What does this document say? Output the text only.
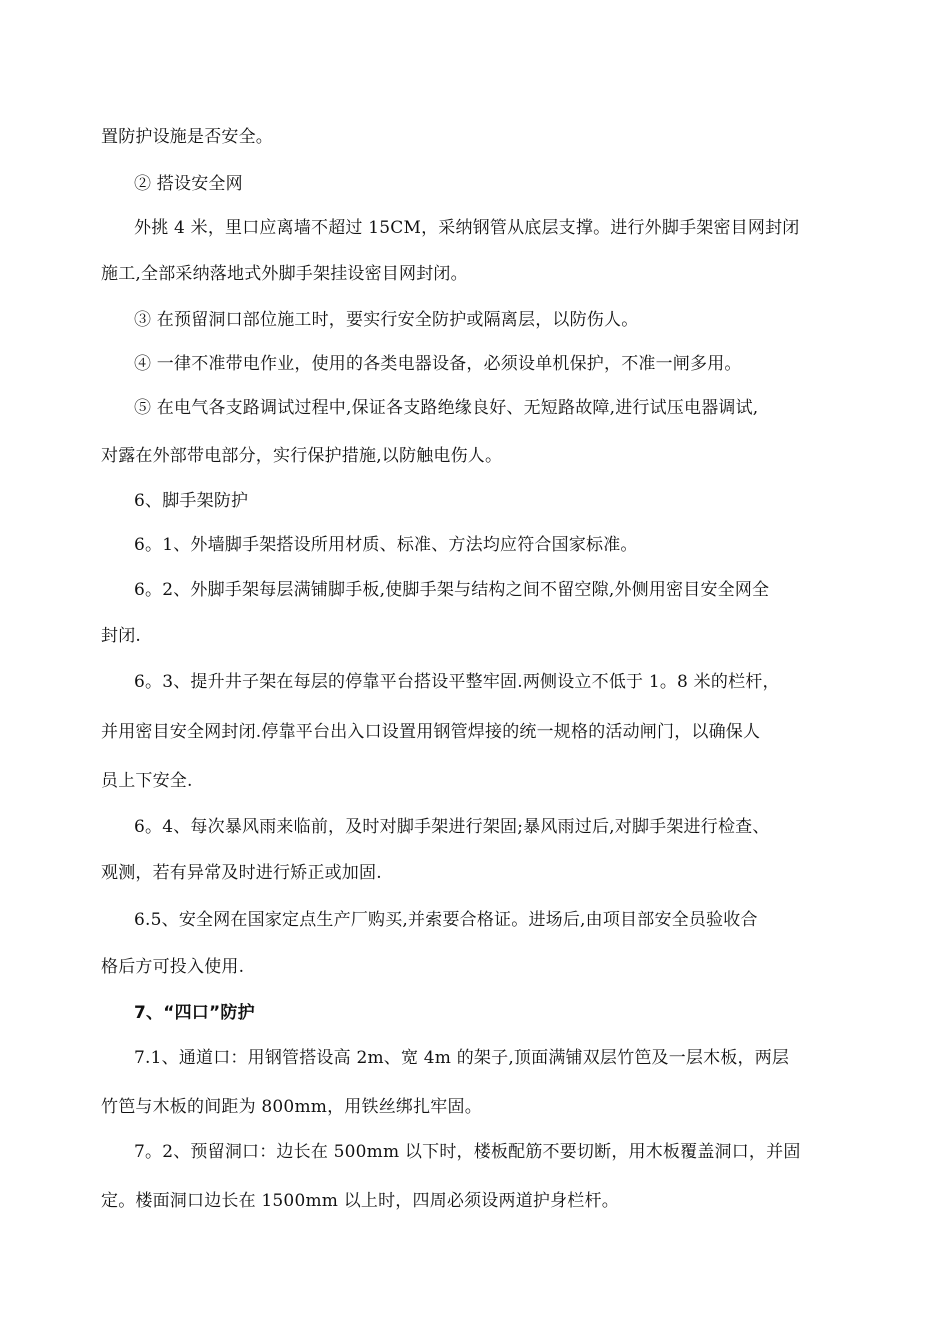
置防护设施是否安全。
② 搭设安全网
外挑 4 米，里口应离墙不超过 15CM，采纳钢管从底层支撑。进行外脚手架密目网封闭
施工,全部采纳落地式外脚手架挂设密目网封闭。
③ 在预留洞口部位施工时，要实行安全防护或隔离层，以防伤人。
④ 一律不准带电作业，使用的各类电器设备，必须设单机保护，不准一闸多用。
⑤ 在电气各支路调试过程中,保证各支路绝缘良好、无短路故障,进行试压电器调试,
对露在外部带电部分，实行保护措施,以防触电伤人。
6、脚手架防护
6。1、外墙脚手架搭设所用材质、标准、方法均应符合国家标准。
6。2、外脚手架每层满铺脚手板,使脚手架与结构之间不留空隙,外侧用密目安全网全
封闭.
6。3、提升井子架在每层的停靠平台搭设平整牢固.两侧设立不低于 1。8 米的栏杆，
并用密目安全网封闭.停靠平台出入口设置用钢管焊接的统一规格的活动闸门，以确保人
员上下安全.
6。4、每次暴风雨来临前，及时对脚手架进行架固;暴风雨过后,对脚手架进行检查、
观测，若有异常及时进行矫正或加固.
6.5、安全网在国家定点生产厂购买,并索要合格证。进场后,由项目部安全员验收合
格后方可投入使用.
7、“四口”防护
7.1、通道口：用钢管搭设高 2m、宽 4m 的架子,顶面满铺双层竹笆及一层木板，两层
竹笆与木板的间距为 800mm，用铁丝绑扎牢固。
7。2、预留洞口：边长在 500mm 以下时，楼板配筋不要切断，用木板覆盖洞口，并固
定。楼面洞口边长在 1500mm 以上时，四周必须设两道护身栏杆。
